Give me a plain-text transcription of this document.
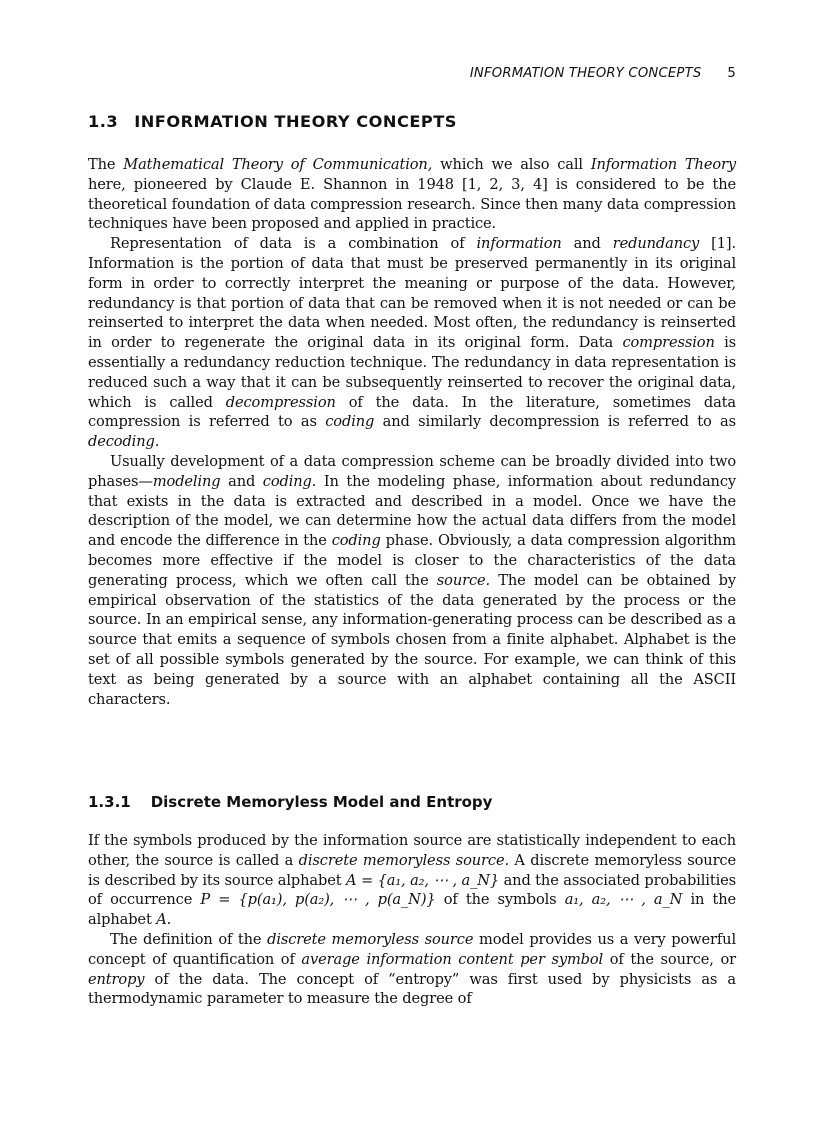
INFORMATION THEORY CONCEPTS 5
1.3 INFORMATION THEORY CONCEPTS

The Mathematical Theory of Communication, which we also call Information Theory here, pioneered by Claude E. Shannon in 1948 [1, 2, 3, 4] is considered to be the theoretical foundation of data compression research. Since then many data compression techniques have been proposed and applied in practice.

Representation of data is a combination of information and redundancy [1]. Information is the portion of data that must be preserved permanently in its original form in order to correctly interpret the meaning or purpose of the data. However, redundancy is that portion of data that can be removed when it is not needed or can be reinserted to interpret the data when needed. Most often, the redundancy is reinserted in order to regenerate the original data in its original form. Data compression is essentially a redundancy reduction technique. The redundancy in data representation is reduced such a way that it can be subsequently reinserted to recover the original data, which is called decompression of the data. In the literature, sometimes data compression is referred to as coding and similarly decompression is referred to as decoding.

Usually development of a data compression scheme can be broadly divided into two phases—modeling and coding. In the modeling phase, information about redundancy that exists in the data is extracted and described in a model. Once we have the description of the model, we can determine how the actual data differs from the model and encode the difference in the coding phase. Obviously, a data compression algorithm becomes more effective if the model is closer to the characteristics of the data generating process, which we often call the source. The model can be obtained by empirical observation of the statistics of the data generated by the process or the source. In an empirical sense, any information-generating process can be described as a source that emits a sequence of symbols chosen from a finite alphabet. Alphabet is the set of all possible symbols generated by the source. For example, we can think of this text as being generated by a source with an alphabet containing all the ASCII characters.

1.3.1 Discrete Memoryless Model and Entropy

If the symbols produced by the information source are statistically independent to each other, the source is called a discrete memoryless source. A discrete memoryless source is described by its source alphabet A = {a₁, a₂, ⋯ , a_N} and the associated probabilities of occurrence P = {p(a₁), p(a₂), ⋯ , p(a_N)} of the symbols a₁, a₂, ⋯ , a_N in the alphabet A.

The definition of the discrete memoryless source model provides us a very powerful concept of quantification of average information content per symbol of the source, or entropy of the data. The concept of “entropy” was first used by physicists as a thermodynamic parameter to measure the degree of
